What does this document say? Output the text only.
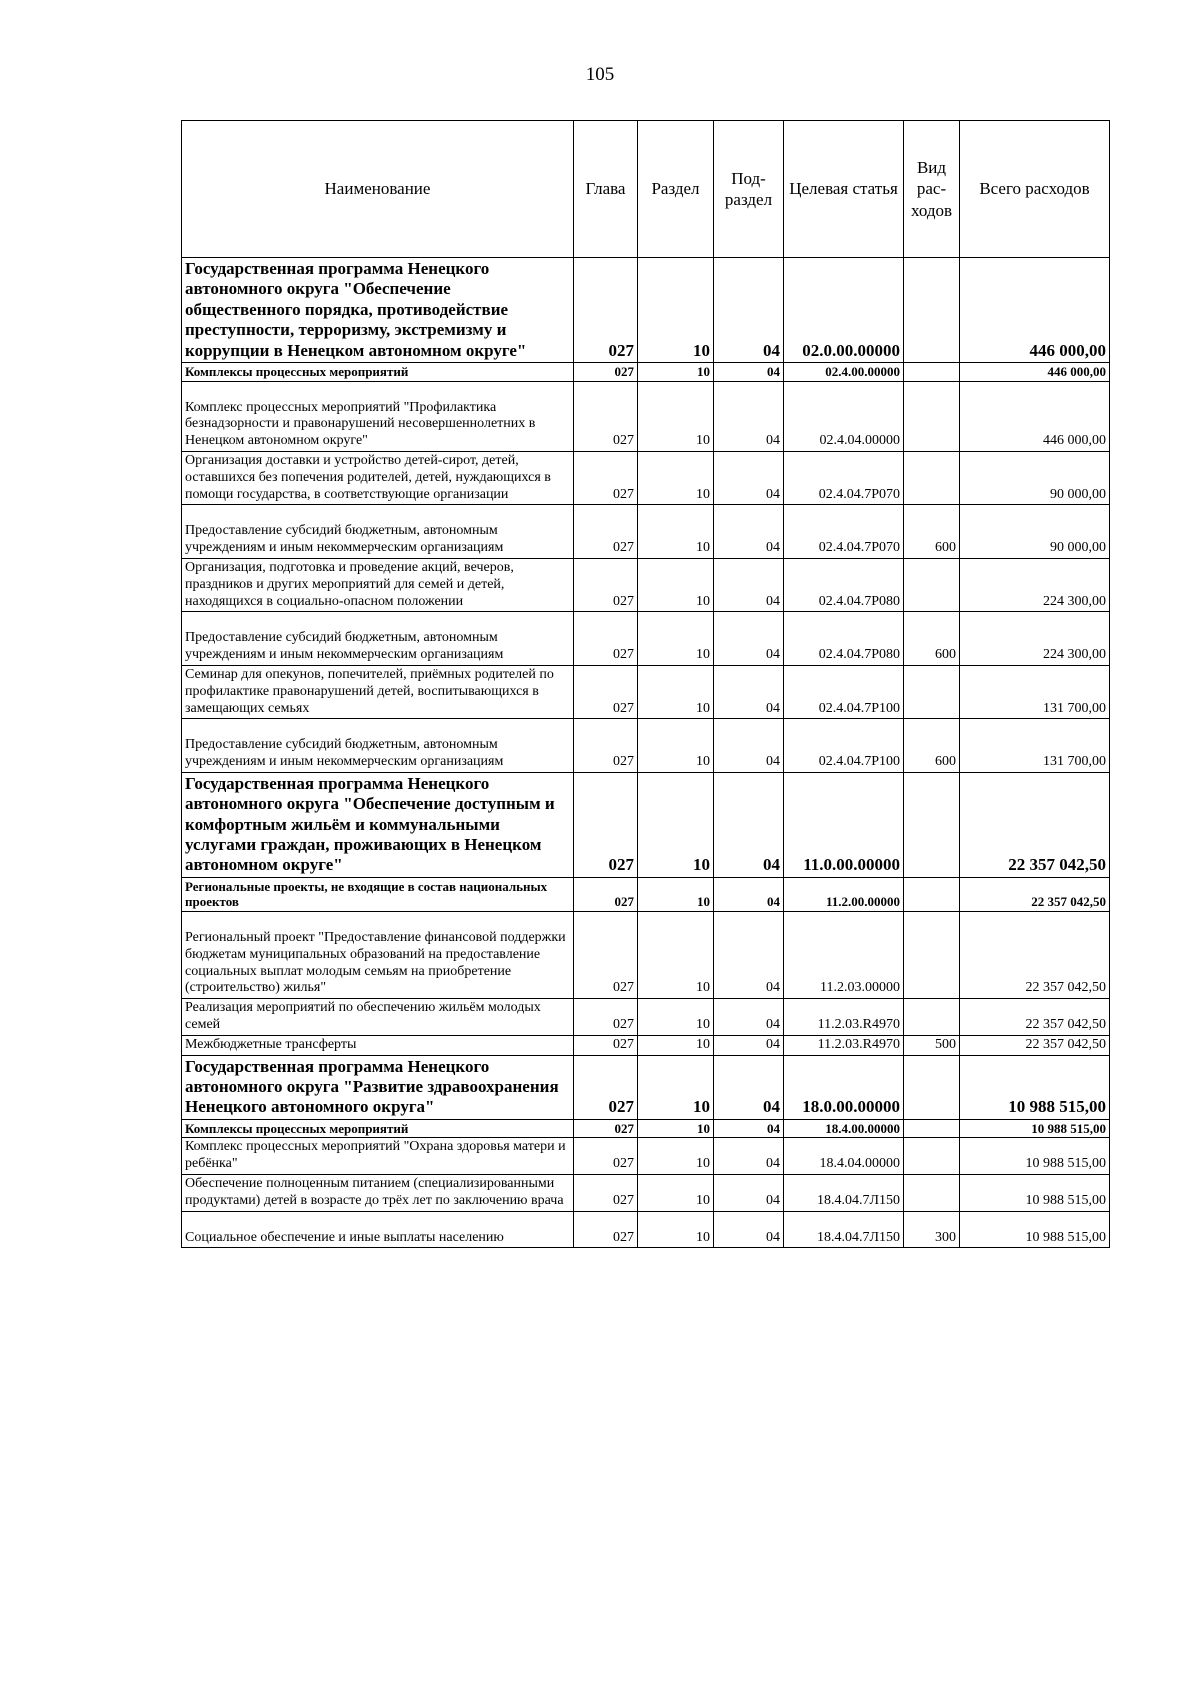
105
Наименование	Глава	Раздел	Под-раздел	Целевая статья	Вид рас-ходов	Всего расходов
Государственная программа Ненецкого автономного округа "Обеспечение общественного порядка, противодействие преступности, терроризму, экстремизму и коррупции в Ненецком автономном округе"	027	10	04	02.0.00.00000		446 000,00
Комплексы процессных мероприятий	027	10	04	02.4.00.00000		446 000,00
Комплекс процессных мероприятий "Профилактика безнадзорности и правонарушений несовершеннолетних в Ненецком автономном округе"	027	10	04	02.4.04.00000		446 000,00
Организация доставки и устройство детей-сирот, детей, оставшихся без попечения родителей, детей, нуждающихся в помощи государства, в соответствующие организации	027	10	04	02.4.04.7Р070		90 000,00
Предоставление субсидий бюджетным, автономным учреждениям и иным некоммерческим организациям	027	10	04	02.4.04.7Р070	600	90 000,00
Организация, подготовка и проведение акций, вечеров, праздников и других мероприятий для семей и детей, находящихся в социально-опасном положении	027	10	04	02.4.04.7Р080		224 300,00
Предоставление субсидий бюджетным, автономным учреждениям и иным некоммерческим организациям	027	10	04	02.4.04.7Р080	600	224 300,00
Семинар для опекунов, попечителей, приёмных родителей по профилактике правонарушений детей, воспитывающихся в замещающих семьях	027	10	04	02.4.04.7Р100		131 700,00
Предоставление субсидий бюджетным, автономным учреждениям и иным некоммерческим организациям	027	10	04	02.4.04.7Р100	600	131 700,00
Государственная программа Ненецкого автономного округа "Обеспечение доступным и комфортным жильём и коммунальными услугами граждан, проживающих в Ненецком автономном округе"	027	10	04	11.0.00.00000		22 357 042,50
Региональные проекты, не входящие в состав национальных проектов	027	10	04	11.2.00.00000		22 357 042,50
Региональный проект "Предоставление финансовой поддержки бюджетам муниципальных образований на предоставление социальных выплат молодым семьям на приобретение (строительство) жилья"	027	10	04	11.2.03.00000		22 357 042,50
Реализация мероприятий по обеспечению жильём молодых семей	027	10	04	11.2.03.R4970		22 357 042,50
Межбюджетные трансферты	027	10	04	11.2.03.R4970	500	22 357 042,50
Государственная программа Ненецкого автономного округа "Развитие здравоохранения Ненецкого автономного округа"	027	10	04	18.0.00.00000		10 988 515,00
Комплексы процессных мероприятий	027	10	04	18.4.00.00000		10 988 515,00
Комплекс процессных мероприятий "Охрана здоровья матери и ребёнка"	027	10	04	18.4.04.00000		10 988 515,00
Обеспечение полноценным питанием (специализированными продуктами) детей в возрасте до трёх лет по заключению врача	027	10	04	18.4.04.7Л150		10 988 515,00
Социальное обеспечение и иные выплаты населению	027	10	04	18.4.04.7Л150	300	10 988 515,00
